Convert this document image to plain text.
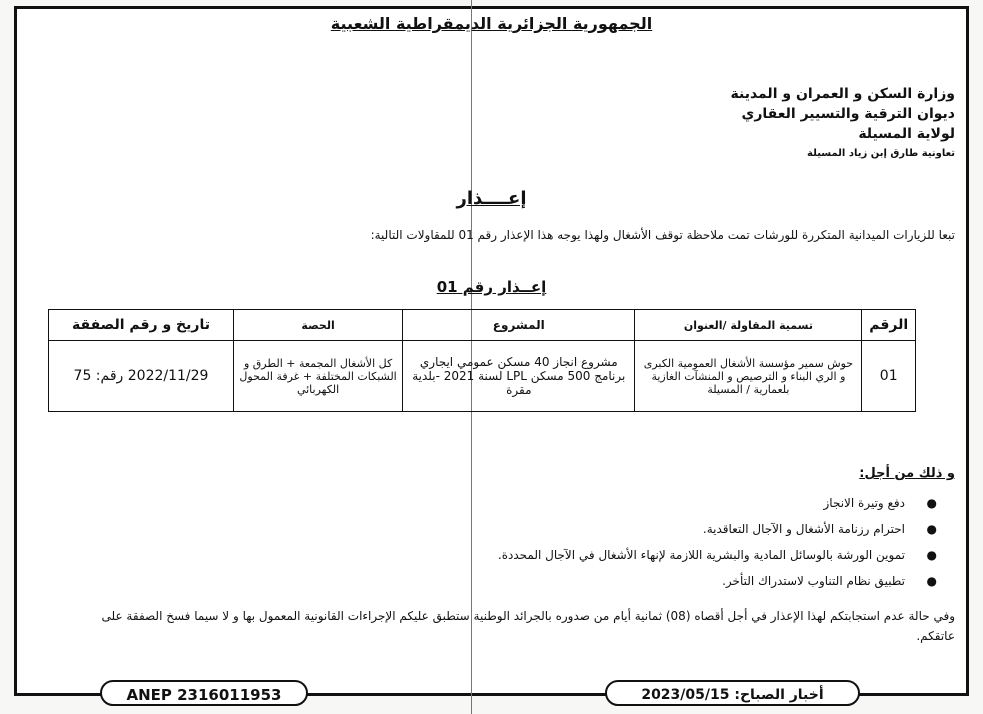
الجمهورية الجزائرية الديمقراطية الشعبية
وزارة السكن و العمران و المدينة
ديوان الترقية والتسيير العقاري
لولاية المسيلة
تعاونية طارق إبن زياد المسيلة
إعــــذار
تبعا للزيارات الميدانية المتكررة للورشات تمت ملاحظة توقف الأشغال ولهذا يوجه هذا الإعذار رقم 01 للمقاولات التالية:
إعــذار رقم 01
الرقم	تسمية المقاولة /العنوان	المشروع	الحصة	تاريخ و رقم الصفقة
01	حوش سمير مؤسسة الأشغال العمومية الكبرى و الري البناء و الترصيص و المنشآت الغازية بلعمارية / المسيلة	مشروع انجاز 40 مسكن عمومي ايجاري برنامج 500 مسكن LPL لسنة 2021 -بلدية مقرة	كل الأشغال المجمعة + الطرق و الشبكات المختلفة + غرفة المحول الكهربائي	2022/11/29 رقم: 75
و ذلك من أجل:
●
دفع وتيرة الانجاز
●
احترام رزنامة الأشغال و الآجال التعاقدية.
●
تموين الورشة بالوسائل المادية والبشرية اللازمة لإنهاء الأشغال في الآجال المحددة.
●
تطبيق نظام التناوب لاستدراك التأخر.
وفي حالة عدم استجابتكم لهذا الإعذار في أجل أقصاه (08) ثمانية أيام من صدوره بالجرائد الوطنية ستطبق عليكم الإجراءات القانونية المعمول بها و لا سيما فسخ الصفقة على عاتقكم.
ANEP 2316011953	أخبار الصباح: 2023/05/15
